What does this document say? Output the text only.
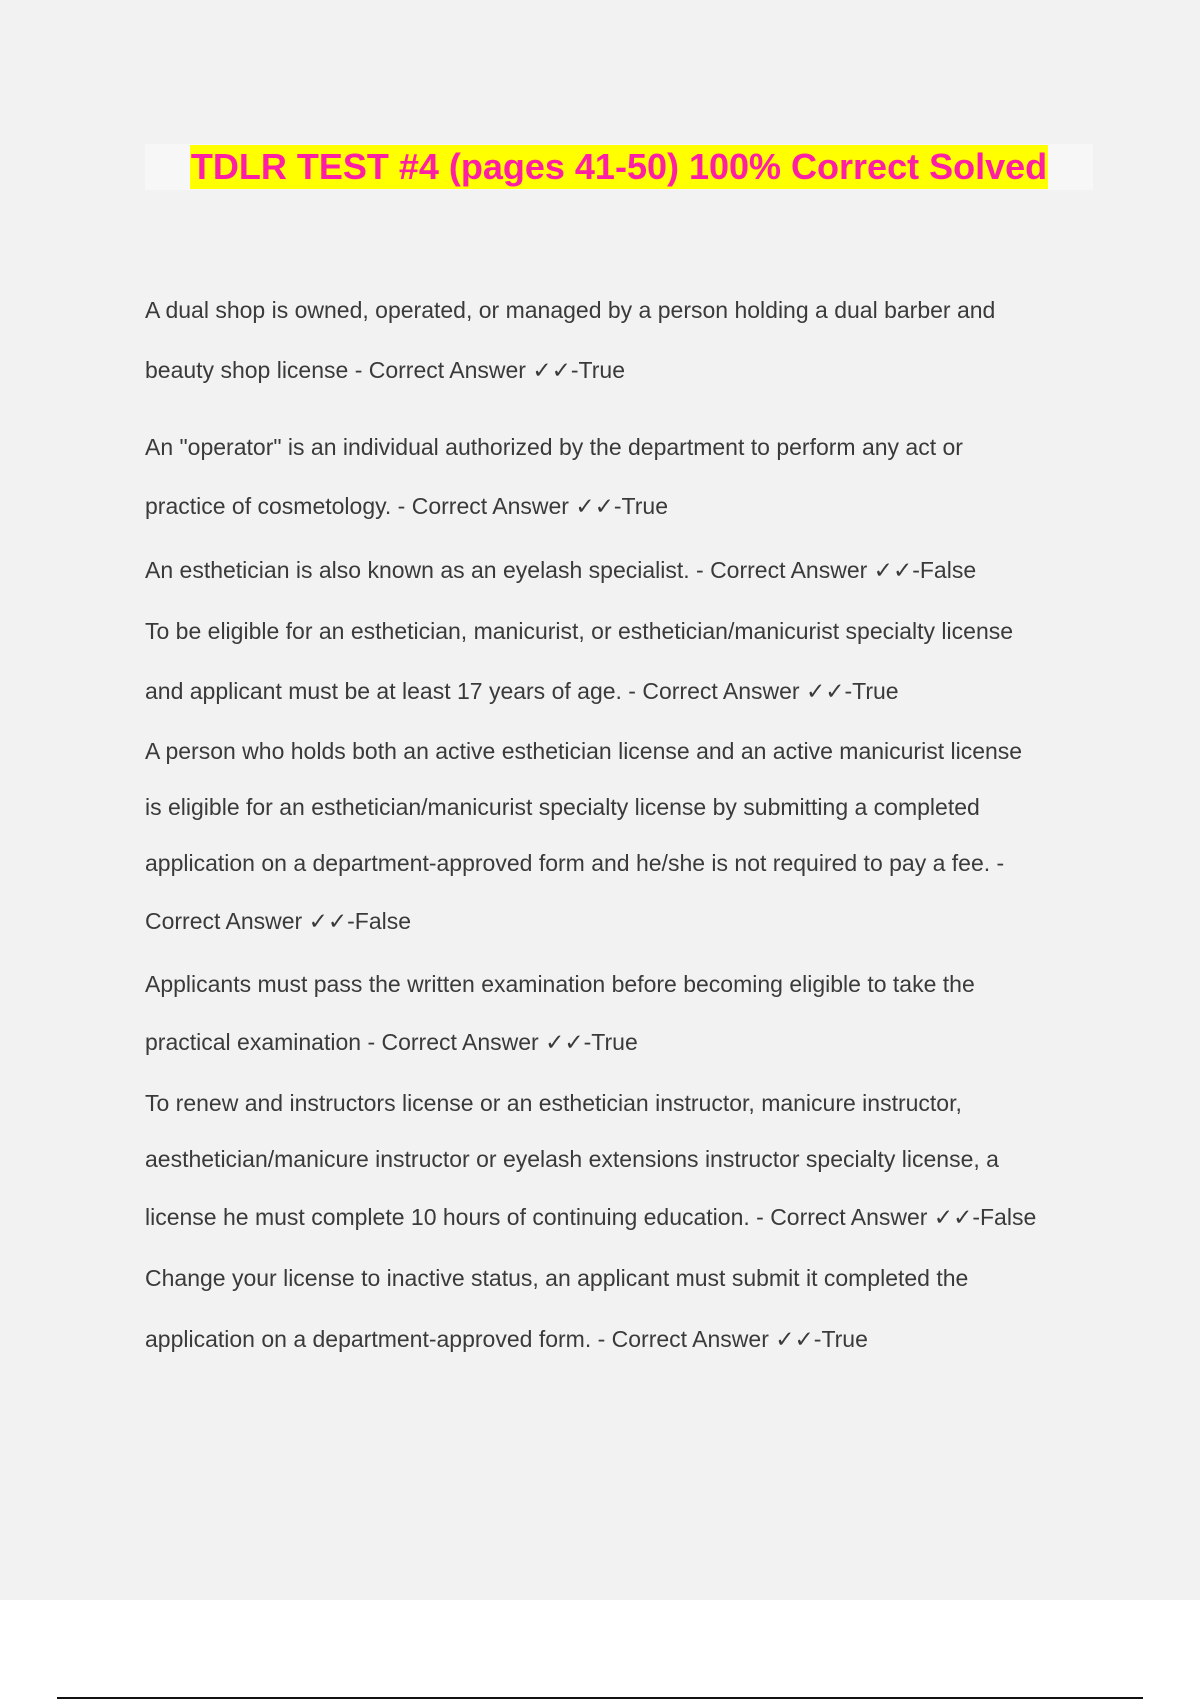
TDLR TEST #4 (pages 41-50) 100% Correct Solved
A dual shop is owned, operated, or managed by a person holding a dual barber and
beauty shop license - Correct Answer ✓✓-True
An "operator" is an individual authorized by the department to perform any act or
practice of cosmetology. - Correct Answer ✓✓-True
An esthetician is also known as an eyelash specialist. - Correct Answer ✓✓-False
To be eligible for an esthetician, manicurist, or esthetician/manicurist specialty license
and applicant must be at least 17 years of age. - Correct Answer ✓✓-True
A person who holds both an active esthetician license and an active manicurist license
is eligible for an esthetician/manicurist specialty license by submitting a completed
application on a department-approved form and he/she is not required to pay a fee. -
Correct Answer ✓✓-False
Applicants must pass the written examination before becoming eligible to take the
practical examination - Correct Answer ✓✓-True
To renew and instructors license or an esthetician instructor, manicure instructor,
aesthetician/manicure instructor or eyelash extensions instructor specialty license, a
license he must complete 10 hours of continuing education. - Correct Answer ✓✓-False
Change your license to inactive status, an applicant must submit it completed the
application on a department-approved form. - Correct Answer ✓✓-True
